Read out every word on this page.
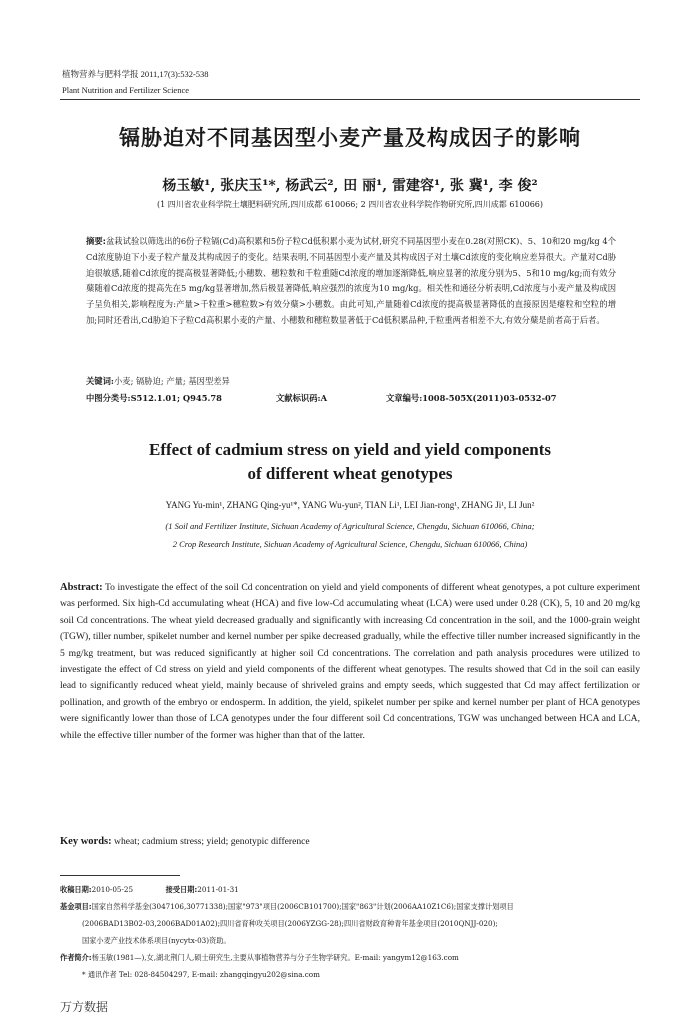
植物营养与肥料学报 2011,17(3):532-538
Plant Nutrition and Fertilizer Science
镉胁迫对不同基因型小麦产量及构成因子的影响
杨玉敏¹, 张庆玉¹*, 杨武云², 田 丽¹, 雷建容¹, 张 冀¹, 李 俊²
(1 四川省农业科学院土壤肥料研究所,四川成都 610066; 2 四川省农业科学院作物研究所,四川成都 610066)
摘要:盆栽试验以筛选出的6份子粒镉(Cd)高积累和5份子粒Cd低积累小麦为试材,研究不同基因型小麦在0.28(对照CK)、5、10和20 mg/kg 4个Cd浓度胁迫下小麦子粒产量及其构成因子的变化。结果表明,不同基因型小麦产量及其构成因子对土壤Cd浓度的变化响应差异很大。产量对Cd胁迫很敏感,随着Cd浓度的提高极显著降低;小穗数、穗粒数和千粒重随Cd浓度的增加逐渐降低,响应显著的浓度分别为5、5和10 mg/kg;而有效分蘖随着Cd浓度的提高先在5 mg/kg显著增加,然后极显著降低,响应强烈的浓度为10 mg/kg。相关性和通径分析表明,Cd浓度与小麦产量及构成因子呈负相关,影响程度为:产量>千粒重>穗粒数>有效分蘖>小穗数。由此可知,产量随着Cd浓度的提高极显著降低的直接原因是瘪粒和空粒的增加;同时还看出,Cd胁迫下子粒Cd高积累小麦的产量、小穗数和穗粒数显著低于Cd低积累品种,千粒重两者相差不大,有效分蘖是前者高于后者。
关键词:小麦; 镉胁迫; 产量; 基因型差异
中图分类号:S512.1.01; Q945.78	文献标识码:A	文章编号:1008-505X(2011)03-0532-07
Effect of cadmium stress on yield and yield components
of different wheat genotypes
YANG Yu-min¹, ZHANG Qing-yu¹*, YANG Wu-yun², TIAN Li¹, LEI Jian-rong¹, ZHANG Ji¹, LI Jun²
(1 Soil and Fertilizer Institute, Sichuan Academy of Agricultural Science, Chengdu, Sichuan 610066, China;
2 Crop Research Institute, Sichuan Academy of Agricultural Science, Chengdu, Sichuan 610066, China)
Abstract: To investigate the effect of the soil Cd concentration on yield and yield components of different wheat genotypes, a pot culture experiment was performed. Six high-Cd accumulating wheat (HCA) and five low-Cd accumulating wheat (LCA) were used under 0.28 (CK), 5, 10 and 20 mg/kg soil Cd concentrations. The wheat yield decreased gradually and significantly with increasing Cd concentration in the soil, and the 1000-grain weight (TGW), tiller number, spikelet number and kernel number per spike decreased gradually, while the effective tiller number increased significantly in the 5 mg/kg treatment, but was reduced significantly at higher soil Cd concentrations. The correlation and path analysis procedures were utilized to investigate the effect of Cd stress on yield and yield components of the different wheat genotypes. The results showed that Cd in the soil can easily lead to significantly reduced wheat yield, mainly because of shriveled grains and empty seeds, which suggested that Cd may affect fertilization or pollination, and growth of the embryo or endosperm. In addition, the yield, spikelet number per spike and kernel number per plant of HCA genotypes were significantly lower than those of LCA genotypes under the four different soil Cd concentrations, TGW was unchanged between HCA and LCA, while the effective tiller number of the former was higher than that of the latter.
Key words: wheat; cadmium stress; yield; genotypic difference
收稿日期:2010-05-25	接受日期:2011-01-31
基金项目:国家自然科学基金(3047106,30771338);国家"973"项目(2006CB101700);国家"863"计划(2006AA10Z1C6);国家支撑计划项目
(2006BAD13B02-03,2006BAD01A02);四川省育种攻关项目(2006YZGG-28);四川省财政育种青年基金项目(2010QNJJ-020);
国家小麦产业技术体系项目(nycytx-03)资助。
作者简介:杨玉敏(1981—),女,湖北荆门人,硕士研究生,主要从事植物营养与分子生物学研究。E-mail: yangym12@163.com
* 通讯作者 Tel: 028-84504297, E-mail: zhangqingyu202@sina.com
万方数据
